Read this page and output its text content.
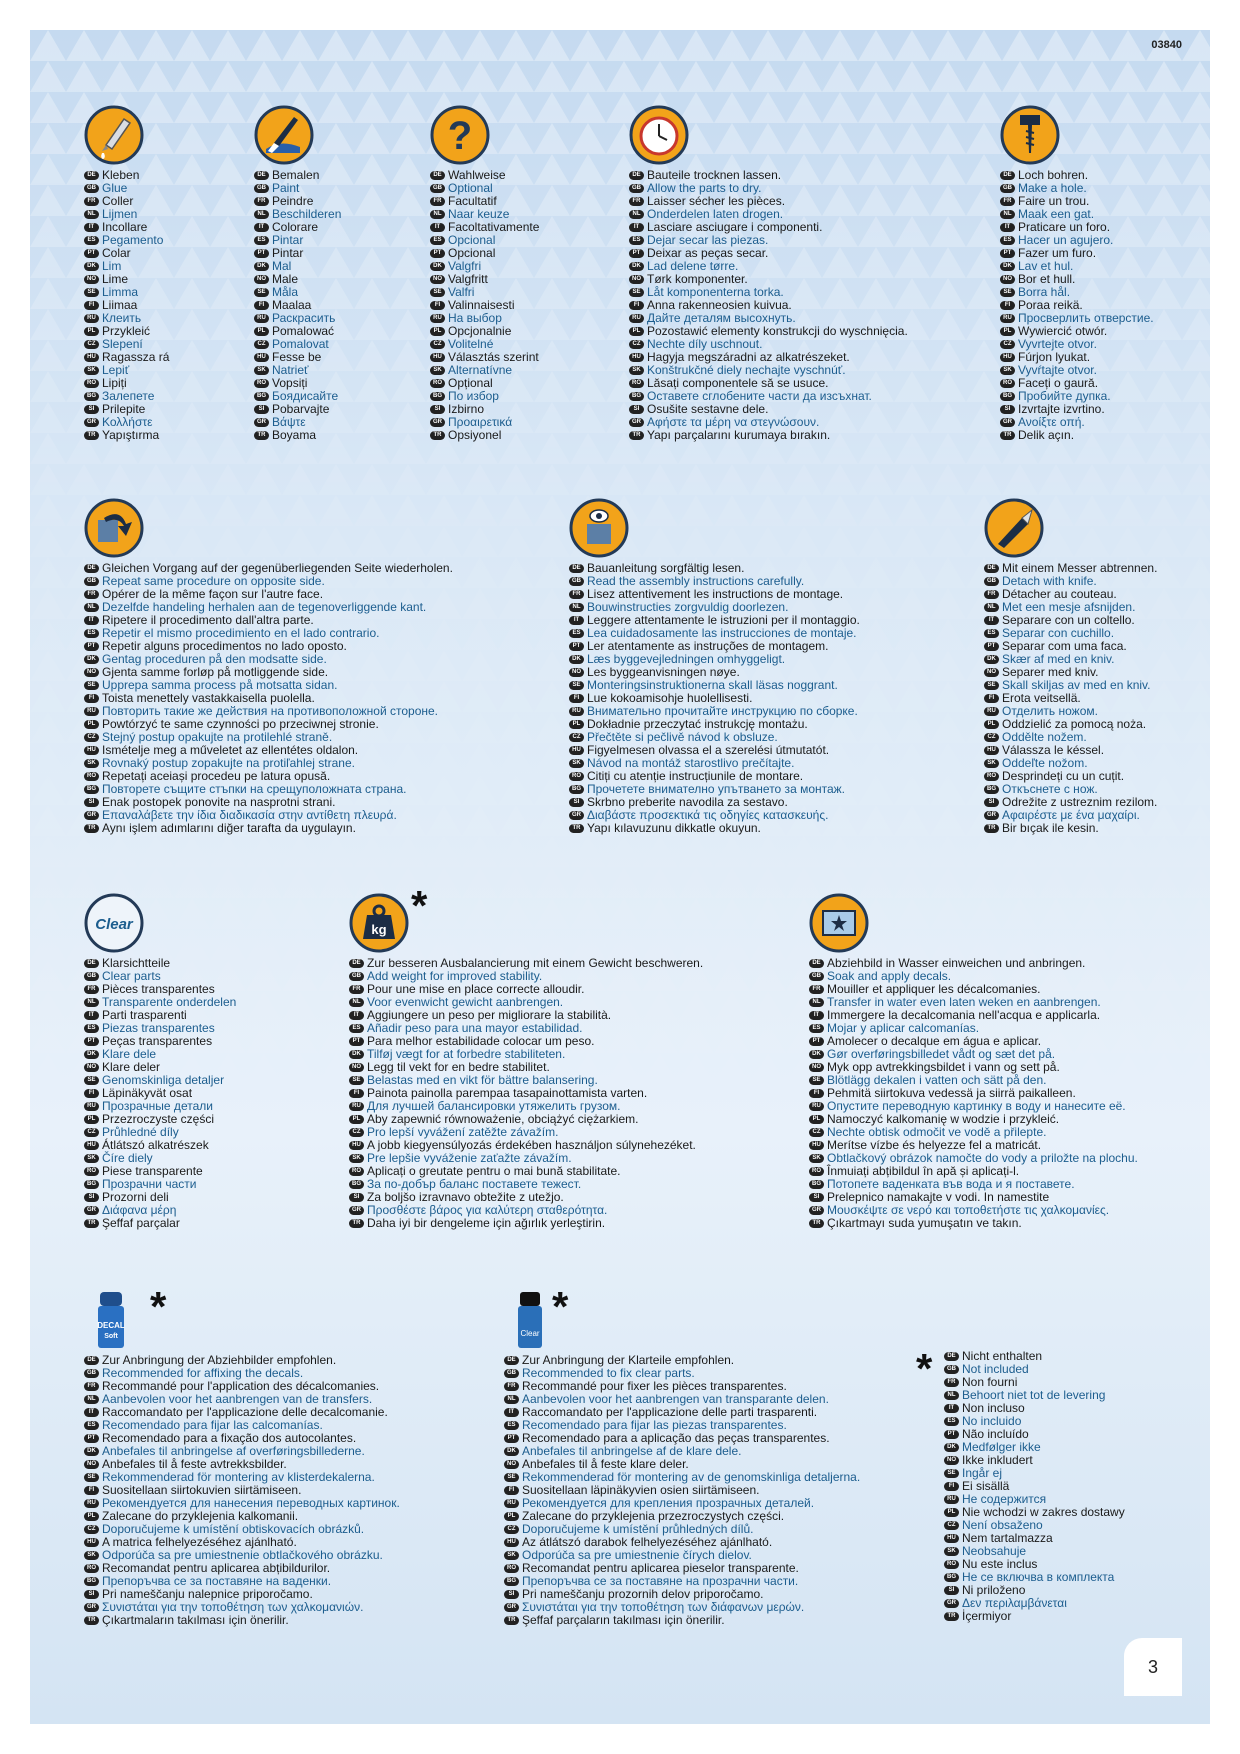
03840
DE Kleben
GB Glue
FR Coller
NL Lijmen
IT Incollare
ES Pegamento
PT Colar
DK Lim
NO Lime
SE Limma
FI Liimaa
RU Клеить
PL Przykleić
CZ Slepení
HU Ragassza rá
SK Lepiť
RO Lipiți
BG Залепете
SI Prilepite
GR Κολλήστε
TR Yapıştırma
DE Bemalen
GB Paint
FR Peindre
NL Beschilderen
IT Colorare
ES Pintar
PT Pintar
DK Mal
NO Male
SE Måla
FI Maalaa
RU Раскрасить
PL Pomalować
CZ Pomalovat
HU Fesse be
SK Natrieť
RO Vopsiți
BG Боядисайте
SI Pobarvajte
GR Βάψτε
TR Boyama
?
DE Wahlweise
GB Optional
FR Facultatif
NL Naar keuze
IT Facoltativamente
ES Opcional
PT Opcional
DK Valgfri
NO Valgfritt
SE Valfri
FI Valinnaisesti
RU На выбор
PL Opcjonalnie
CZ Volitelné
HU Választás szerint
SK Alternatívne
RO Opțional
BG По избор
SI Izbirno
GR Προαιρετικά
TR Opsiyonel
DE Bauteile trocknen lassen.
GB Allow the parts to dry.
FR Laisser sécher les pièces.
NL Onderdelen laten drogen.
IT Lasciare asciugare i componenti.
ES Dejar secar las piezas.
PT Deixar as peças secar.
DK Lad delene tørre.
NO Tørk komponenter.
SE Låt komponenterna torka.
FI Anna rakenneosien kuivua.
RU Дайте деталям высохнуть.
PL Pozostawić elementy konstrukcji do wyschnięcia.
CZ Nechte díly uschnout.
HU Hagyja megszáradni az alkatrészeket.
SK Konštrukčné diely nechajte vyschnúť.
RO Lăsați componentele să se usuce.
BG Оставете сглобените части да изсъхнат.
SI Osušite sestavne dele.
GR Αφήστε τα μέρη να στεγνώσουν.
TR Yapı parçalarını kurumaya bırakın.
DE Loch bohren.
GB Make a hole.
FR Faire un trou.
NL Maak een gat.
IT Praticare un foro.
ES Hacer un agujero.
PT Fazer um furo.
DK Lav et hul.
NO Bor et hull.
SE Borra hål.
FI Poraa reikä.
RU Просверлить отверстие.
PL Wywiercić otwór.
CZ Vyvrtejte otvor.
HU Fúrjon lyukat.
SK Vyvŕtajte otvor.
RO Faceți o gaură.
BG Пробийте дупка.
SI Izvrtajte izvrtino.
GR Ανοίξτε οπή.
TR Delik açın.
DE Gleichen Vorgang auf der gegenüberliegenden Seite wiederholen.
GB Repeat same procedure on opposite side.
FR Opérer de la même façon sur l'autre face.
NL Dezelfde handeling herhalen aan de tegenoverliggende kant.
IT Ripetere il procedimento dall'altra parte.
ES Repetir el mismo procedimiento en el lado contrario.
PT Repetir alguns procedimentos no lado oposto.
DK Gentag proceduren på den modsatte side.
NO Gjenta samme forløp på motliggende side.
SE Upprepa samma process på motsatta sidan.
FI Toista menettely vastakkaisella puolella.
RU Повторить такие же действия на противоположной стороне.
PL Powtórzyć te same czynności po przeciwnej stronie.
CZ Stejný postup opakujte na protilehlé straně.
HU Ismételje meg a műveletet az ellentétes oldalon.
SK Rovnaký postup zopakujte na protiľahlej strane.
RO Repetați aceiași procedeu pe latura opusă.
BG Повторете същите стъпки на срещуположната страна.
SI Enak postopek ponovite na nasprotni strani.
GR Επαναλάβετε την ίδια διαδικασία στην αντίθετη πλευρά.
TR Aynı işlem adımlarını diğer tarafta da uygulayın.
DE Bauanleitung sorgfältig lesen.
GB Read the assembly instructions carefully.
FR Lisez attentivement les instructions de montage.
NL Bouwinstructies zorgvuldig doorlezen.
IT Leggere attentamente le istruzioni per il montaggio.
ES Lea cuidadosamente las instrucciones de montaje.
PT Ler atentamente as instruções de montagem.
DK Læs byggevejledningen omhyggeligt.
NO Les byggeanvisningen nøye.
SE Monteringsinstruktionerna skall läsas noggrant.
FI Lue kokoamisohje huolellisesti.
RU Внимательно прочитайте инструкцию по сборке.
PL Dokładnie przeczytać instrukcję montażu.
CZ Přečtěte si pečlivě návod k obsluze.
HU Figyelmesen olvassa el a szerelési útmutatót.
SK Návod na montáž starostlivo prečítajte.
RO Citiți cu atenție instrucțiunile de montare.
BG Прочетете внимателно упътването за монтаж.
SI Skrbno preberite navodila za sestavo.
GR Διαβάστε προσεκτικά τις οδηγίες κατασκευής.
TR Yapı kılavuzunu dikkatle okuyun.
DE Mit einem Messer abtrennen.
GB Detach with knife.
FR Détacher au couteau.
NL Met een mesje afsnijden.
IT Separare con un coltello.
ES Separar con cuchillo.
PT Separar com uma faca.
DK Skær af med en kniv.
NO Separer med kniv.
SE Skall skiljas av med en kniv.
FI Erota veitsellä.
RU Отделить ножом.
PL Oddzielić za pomocą noża.
CZ Oddělte nožem.
HU Válassza le késsel.
SK Oddeľte nožom.
RO Desprindeți cu un cuțit.
BG Откъснете с нож.
SI Odrežite z ustreznim rezilom.
GR Αφαιρέστε με ένα μαχαίρι.
TR Bir bıçak ile kesin.
Clear
DE Klarsichtteile
GB Clear parts
FR Pièces transparentes
NL Transparente onderdelen
IT Parti trasparenti
ES Piezas transparentes
PT Peças transparentes
DK Klare dele
NO Klare deler
SE Genomskinliga detaljer
FI Läpinäkyvät osat
RU Прозрачные детали
PL Przezroczyste części
CZ Průhledné díly
HU Átlátszó alkatrészek
SK Číre diely
RO Piese transparente
BG Прозрачни части
SI Prozorni deli
GR Διάφανα μέρη
TR Şeffaf parçalar
kg
*
DE Zur besseren Ausbalancierung mit einem Gewicht beschweren.
GB Add weight for improved stability.
FR Pour une mise en place correcte alloudir.
NL Voor evenwicht gewicht aanbrengen.
IT Aggiungere un peso per migliorare la stabilità.
ES Añadir peso para una mayor estabilidad.
PT Para melhor estabilidade colocar um peso.
DK Tilføj vægt for at forbedre stabiliteten.
NO Legg til vekt for en bedre stabilitet.
SE Belastas med en vikt för bättre balansering.
FI Painota painolla parempaa tasapainottamista varten.
RU Для лучшей балансировки утяжелить грузом.
PL Aby zapewnić równoważenie, obciążyć ciężarkiem.
CZ Pro lepší vyvážení zatěžte závažím.
HU A jobb kiegyensúlyozás érdekében használjon súlynehezéket.
SK Pre lepšie vyváženie zaťažte závažím.
RO Aplicați o greutate pentru o mai bună stabilitate.
BG За по-добър баланс поставете тежест.
SI Za boljšo izravnavo obtežite z utežjo.
GR Προσθέστε βάρος για καλύτερη σταθερότητα.
TR Daha iyi bir dengeleme için ağırlık yerleştirin.
DE Abziehbild in Wasser einweichen und anbringen.
GB Soak and apply decals.
FR Mouiller et appliquer les décalcomanies.
NL Transfer in water even laten weken en aanbrengen.
IT Immergere la decalcomania nell'acqua e applicarla.
ES Mojar y aplicar calcomanías.
PT Amolecer o decalque em água e aplicar.
DK Gør overføringsbilledet vådt og sæt det på.
NO Myk opp avtrekkingsbildet i vann og sett på.
SE Blötlägg dekalen i vatten och sätt på den.
FI Pehmitä siirtokuva vedessä ja siirrä paikalleen.
RU Опустите переводную картинку в воду и нанесите её.
PL Namoczyć kalkomanię w wodzie i przykleić.
CZ Nechte obtisk odmočit ve vodě a přilepte.
HU Merítse vízbe és helyezze fel a matricát.
SK Obtlačkový obrázok namočte do vody a priložte na plochu.
RO Înmuiați abțibildul în apă și aplicați-l.
BG Потопете ваденката във вода и я поставете.
SI Prelepnico namakajte v vodi. In namestite
GR Μουσκέψτε σε νερό και τοποθετήστε τις χαλκομανίες.
TR Çıkartmayı suda yumuşatın ve takın.
DECAL
Soft
*
DE Zur Anbringung der Abziehbilder empfohlen.
GB Recommended for affixing the decals.
FR Recommandé pour l'application des décalcomanies.
NL Aanbevolen voor het aanbrengen van de transfers.
IT Raccomandato per l'applicazione delle decalcomanie.
ES Recomendado para fijar las calcomanías.
PT Recomendado para a fixação dos autocolantes.
DK Anbefales til anbringelse af overføringsbillederne.
NO Anbefales til å feste avtrekksbilder.
SE Rekommenderad för montering av klisterdekalerna.
FI Suositellaan siirtokuvien siirtämiseen.
RU Рекомендуется для нанесения переводных картинок.
PL Zalecane do przyklejenia kalkomanii.
CZ Doporučujeme k umístění obtiskovacích obrázků.
HU A matrica felhelyezéséhez ajánlható.
SK Odporúča sa pre umiestnenie obtlačkového obrázku.
RO Recomandat pentru aplicarea abțibildurilor.
BG Препоръчва се за поставяне на ваденки.
SI Pri nameščanju nalepnice priporočamo.
GR Συνιστάται για την τοποθέτηση των χαλκομανιών.
TR Çıkartmaların takılması için önerilir.
Clear
*
DE Zur Anbringung der Klarteile empfohlen.
GB Recommended to fix clear parts.
FR Recommandé pour fixer les pièces transparentes.
NL Aanbevolen voor het aanbrengen van transparante delen.
IT Raccomandato per l'applicazione delle parti trasparenti.
ES Recomendado para fijar las piezas transparentes.
PT Recomendado para a aplicação das peças transparentes.
DK Anbefales til anbringelse af de klare dele.
NO Anbefales til å feste klare deler.
SE Rekommenderad för montering av de genomskinliga detaljerna.
FI Suositellaan läpinäkyvien osien siirtämiseen.
RU Рекомендуется для крепления прозрачных деталей.
PL Zalecane do przyklejenia przezroczystych części.
CZ Doporučujeme k umístění průhledných dílů.
HU Az átlátszó darabok felhelyezéséhez ajánlható.
SK Odporúča sa pre umiestnenie čírych dielov.
RO Recomandat pentru aplicarea pieselor transparente.
BG Препоръчва се за поставяне на прозрачни части.
SI Pri nameščanju prozornih delov priporočamo.
GR Συνιστάται για την τοποθέτηση των διάφανων μερών.
TR Şeffaf parçaların takılması için önerilir.
*	DE Nicht enthalten
GB Not included
FR Non fourni
NL Behoort niet tot de levering
IT Non incluso
ES No incluido
PT Não incluído
DK Medfølger ikke
NO Ikke inkludert
SE Ingår ej
FI Ei sisällä
RU Не содержится
PL Nie wchodzi w zakres dostawy
CZ Není obsaženo
HU Nem tartalmazza
SK Neobsahuje
RO Nu este inclus
BG Не се включва в комплекта
SI Ni priloženo
GR Δεν περιλαμβάνεται
TR İçermiyor
3
